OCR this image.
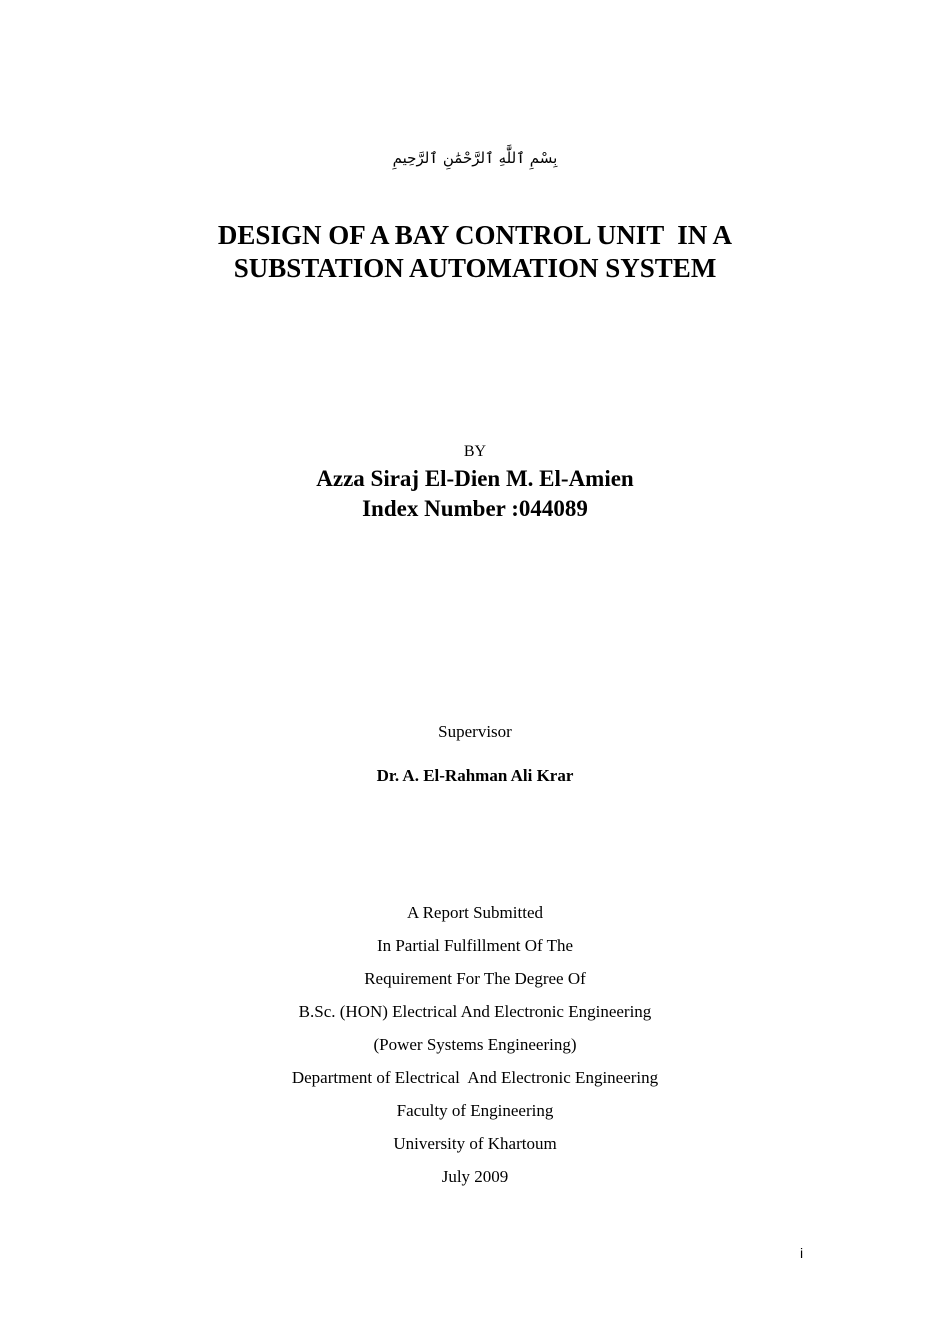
بِسْمِ ٱللَّٰهِ ٱلرَّحْمَٰنِ ٱلرَّحِيمِ
DESIGN OF A BAY CONTROL UNIT  IN A
SUBSTATION AUTOMATION SYSTEM
BY
Azza Siraj El-Dien M. El-Amien
Index Number :044089
Supervisor
Dr. A. El-Rahman Ali Krar
A Report Submitted
In Partial Fulfillment Of The
Requirement For The Degree Of
B.Sc. (HON) Electrical And Electronic Engineering
(Power Systems Engineering)
Department of Electrical  And Electronic Engineering
Faculty of Engineering
University of Khartoum
July 2009
i
